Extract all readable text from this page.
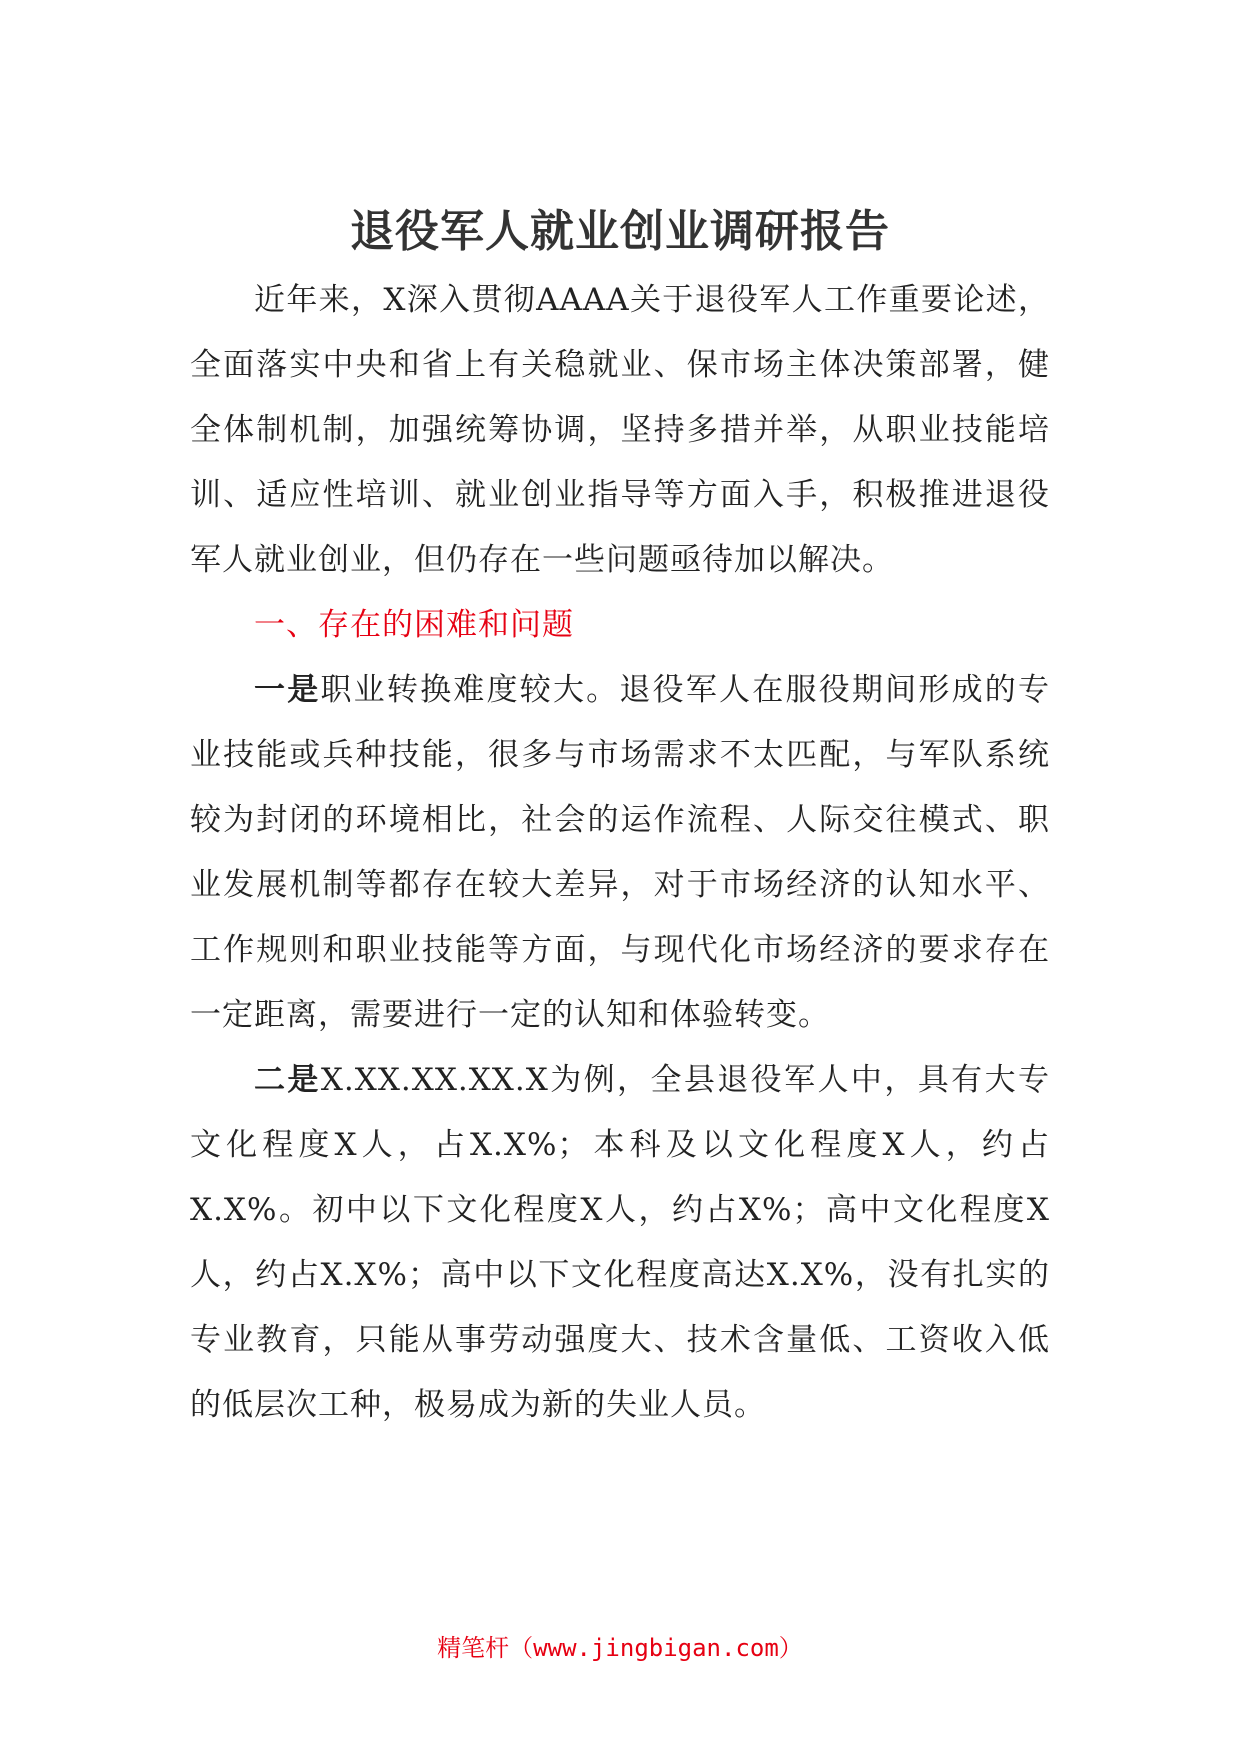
退役军人就业创业调研报告

近年来，X深入贯彻AAAA关于退役军人工作重要论述，全面落实中央和省上有关稳就业、保市场主体决策部署，健全体制机制，加强统筹协调，坚持多措并举，从职业技能培训、适应性培训、就业创业指导等方面入手，积极推进退役军人就业创业，但仍存在一些问题亟待加以解决。

一、存在的困难和问题

一是职业转换难度较大。退役军人在服役期间形成的专业技能或兵种技能，很多与市场需求不太匹配，与军队系统较为封闭的环境相比，社会的运作流程、人际交往模式、职业发展机制等都存在较大差异，对于市场经济的认知水平、工作规则和职业技能等方面，与现代化市场经济的要求存在一定距离，需要进行一定的认知和体验转变。

二是X.XX.XX.XX.X为例，全县退役军人中，具有大专文化程度X人，占X.X%；本科及以文化程度X人，约占X.X%。初中以下文化程度X人，约占X%；高中文化程度X人，约占X.X%；高中以下文化程度高达X.X%，没有扎实的专业教育，只能从事劳动强度大、技术含量低、工资收入低的低层次工种，极易成为新的失业人员。

精笔杆（www.jingbigan.com）
